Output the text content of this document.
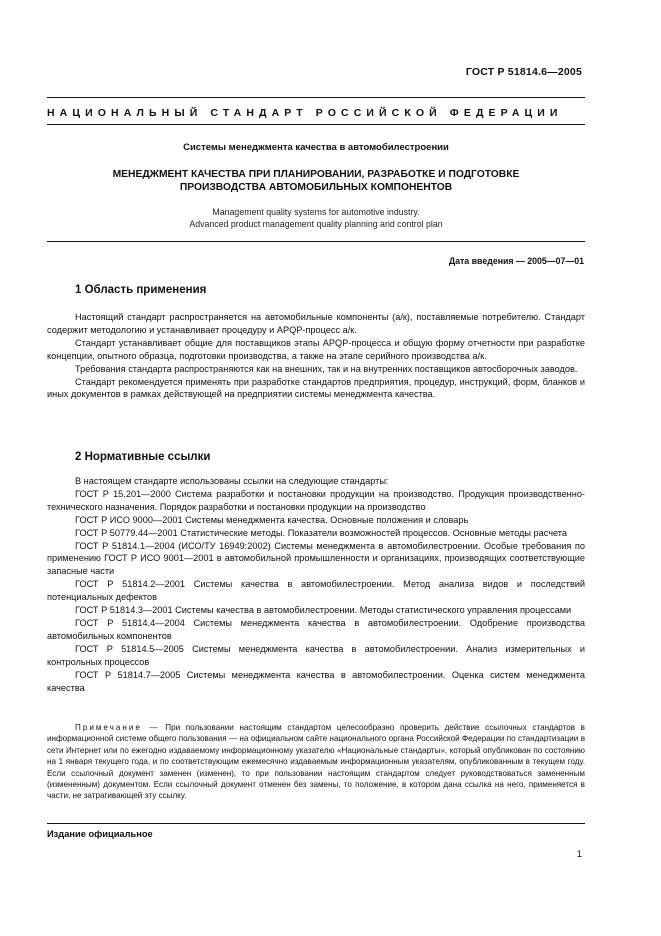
ГОСТ Р 51814.6—2005
НАЦИОНАЛЬНЫЙ СТАНДАРТ РОССИЙСКОЙ ФЕДЕРАЦИИ
Системы менеджмента качества в автомобилестроении
МЕНЕДЖМЕНТ КАЧЕСТВА ПРИ ПЛАНИРОВАНИИ, РАЗРАБОТКЕ И ПОДГОТОВКЕ
ПРОИЗВОДСТВА АВТОМОБИЛЬНЫХ КОМПОНЕНТОВ
Management quality systems for automotive industry.
Advanced product management quality planning and control plan
Дата введения — 2005—07—01
1 Область применения

Настоящий стандарт распространяется на автомобильные компоненты (а/к), поставляемые потребителю. Стандарт содержит методологию и устанавливает процедуру и APQP-процесс а/к.

Стандарт устанавливает общие для поставщиков этапы APQP-процесса и общую форму отчетности при разработке концепции, опытного образца, подготовки производства, а также на этапе серийного производства а/к.

Требования стандарта распространяются как на внешних, так и на внутренних поставщиков автосборочных заводов.

Стандарт рекомендуется применять при разработке стандартов предприятия, процедур, инструкций, форм, бланков и иных документов в рамках действующей на предприятии системы менеджмента качества.

2 Нормативные ссылки

В настоящем стандарте использованы ссылки на следующие стандарты:

ГОСТ Р 15.201—2000 Система разработки и постановки продукции на производство. Продукция производственно-технического назначения. Порядок разработки и постановки продукции на производство

ГОСТ Р ИСО 9000—2001 Системы менеджмента качества. Основные положения и словарь

ГОСТ Р 50779.44—2001 Статистические методы. Показатели возможностей процессов. Основные методы расчета

ГОСТ Р 51814.1—2004 (ИСО/ТУ 16949:2002) Системы менеджмента в автомобилестроении. Особые требования по применению ГОСТ Р ИСО 9001—2001 в автомобильной промышленности и организациях, производящих соответствующие запасные части

ГОСТ Р 51814.2—2001 Системы качества в автомобилестроении. Метод анализа видов и последствий потенциальных дефектов

ГОСТ Р 51814.3—2001 Системы качества в автомобилестроении. Методы статистического управления процессами

ГОСТ Р 51814.4—2004 Системы менеджмента качества в автомобилестроении. Одобрение производства автомобильных компонентов

ГОСТ Р 51814.5—2005 Системы менеджмента качества в автомобилестроении. Анализ измерительных и контрольных процессов

ГОСТ Р 51814.7—2005 Системы менеджмента качества в автомобилестроении. Оценка систем менеджмента качества

Примечание — При пользовании настоящим стандартом целесообразно проверить действие ссылочных стандартов в информационной системе общего пользования — на официальном сайте национального органа Российской Федерации по стандартизации в сети Интернет или по ежегодно издаваемому информационному указателю «Национальные стандарты», который опубликован по состоянию на 1 января текущего года, и по соответствующим ежемесячно издаваемым информационным указателям, опубликованным в текущем году. Если ссылочный документ заменен (изменен), то при пользовании настоящим стандартом следует руководствоваться замененным (измененным) документом. Если ссылочный документ отменен без замены, то положение, в котором дана ссылка на него, применяется в части, не затрагивающей эту ссылку.
Издание официальное
1
